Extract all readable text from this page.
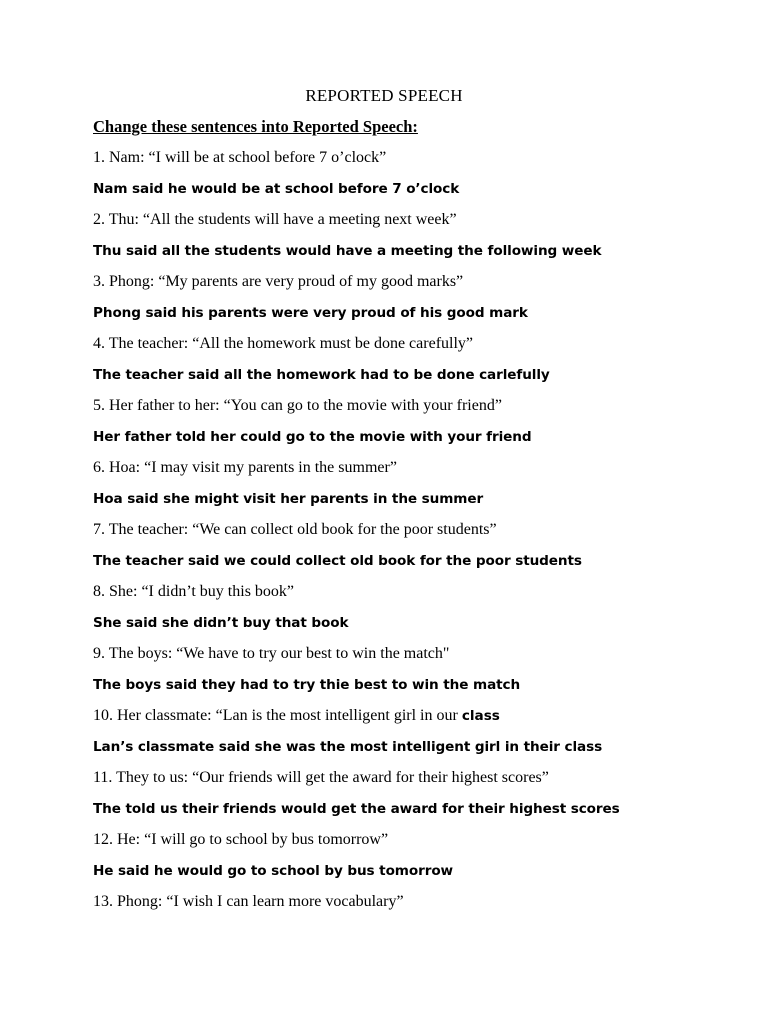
REPORTED SPEECH

Change these sentences into Reported Speech:

1. Nam: “I will be at school before 7 o’clock”

Nam said he would be at school before 7 o’clock

2. Thu: “All the students will have a meeting next week”

Thu said all the students would have a meeting the following week

3. Phong: “My parents are very proud of my good marks”

Phong said his parents were very proud of his good mark

4. The teacher: “All the homework must be done carefully”

The teacher said all the homework had to be done carlefully

5. Her father to her: “You can go to the movie with your friend”

Her father told her could go to the movie with your friend

6. Hoa: “I may visit my parents in the summer”

Hoa said she might visit her parents in the summer

7. The teacher: “We can collect old book for the poor students”

The teacher said we could collect old book for the poor students

8. She: “I didn’t buy this book”

She said she didn’t buy that book

9. The boys: “We have to try our best to win the match"

The boys said they had to try thie best to win the match

10. Her classmate: “Lan is the most intelligent girl in our class

Lan’s classmate said she was the most intelligent girl in their class

11. They to us: “Our friends will get the award for their highest scores”

The told us their friends would get the award for their highest scores

12. He: “I will go to school by bus tomorrow”

He said he would go to school by bus tomorrow

13. Phong: “I wish I can learn more vocabulary”
